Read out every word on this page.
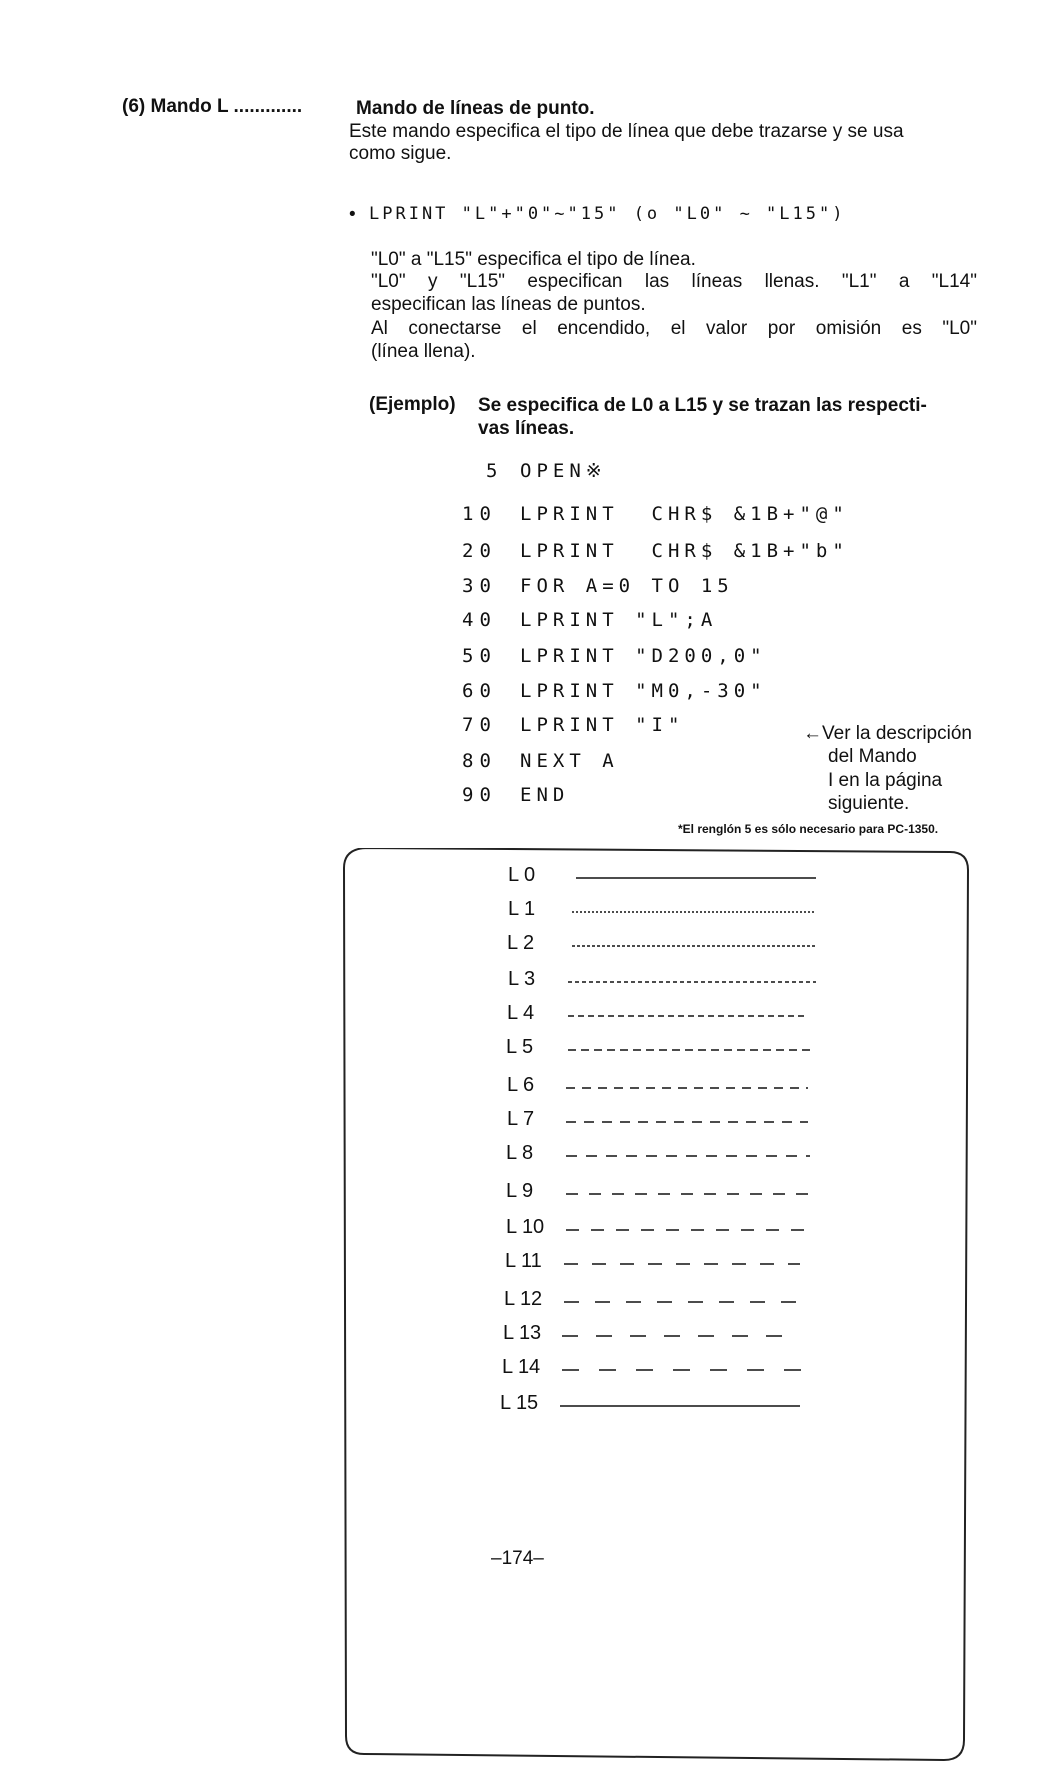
(6) Mando L .............	Mando de líneas de punto.
Este mando especifica el tipo de línea que debe trazarse y se usa
como sigue.
• LPRINT "L"+"0"~"15" (o "L0" ~ "L15")
"L0" a "L15" especifica el tipo de línea.
"L0" y "L15" especifican las líneas llenas. "L1" a "L14"
especifican las líneas de puntos.
Al conectarse el encendido, el valor por omisión es "L0"
(línea llena).
(Ejemplo) Se especifica de L0 a L15 y se trazan las respecti-
vas líneas.
5 OPEN※
10	LPRINT  CHR$ &1B+"@"
20	LPRINT  CHR$ &1B+"b"
30	FOR A=0 TO 15
40	LPRINT "L";A
50	LPRINT "D200,0"
60	LPRINT "M0,-30"
70	LPRINT "I"
80	NEXT A
90	END
←Ver la descripción
del Mando
I en la página
siguiente.
*El renglón 5 es sólo necesario para PC-1350.
L 0
L 1
L 2
L 3
L 4
L 5
L 6
L 7
L 8
L 9
L 10
L 11
L 12
L 13
L 14
L 15
–174–
